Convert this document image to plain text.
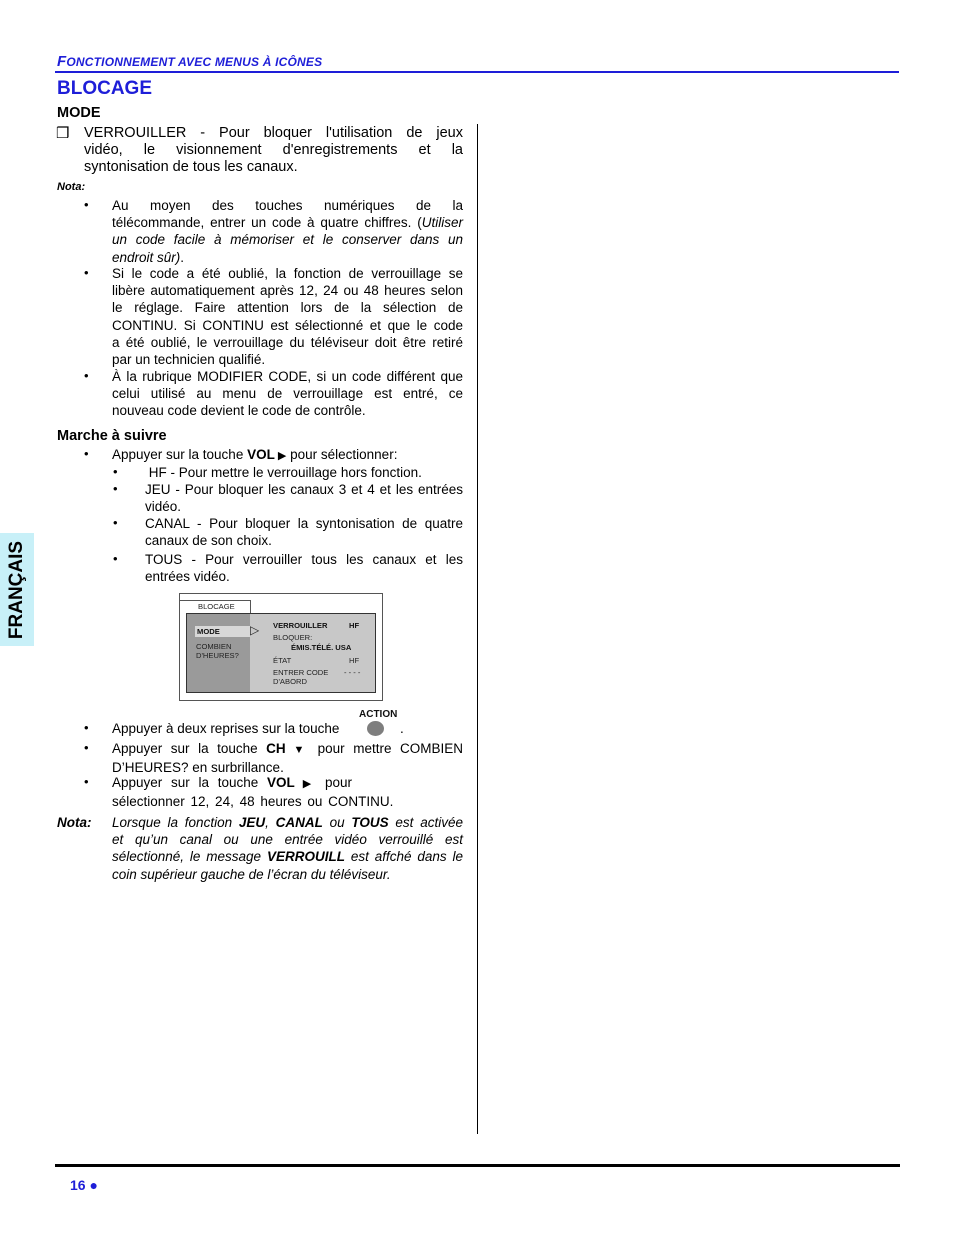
FONCTIONNEMENT AVEC MENUS À ICÔNES
BLOCAGE
FRANÇAIS
MODE
❒ VERROUILLER - Pour bloquer l'utilisation de jeux
vidéo, le visionnement d'enregistrements et la
syntonisation de tous les canaux.
Nota:
• Au moyen des touches numériques de la
télécommande, entrer un code à quatre chiffres. (Utiliser
un code facile à mémoriser et le conserver dans un
endroit sûr).
• Si le code a été oublié, la fonction de verrouillage se
libère automatiquement après 12, 24 ou 48 heures selon
le réglage. Faire attention lors de la sélection de
CONTINU. Si CONTINU est sélectionné et que le code
a été oublié, le verrouillage du téléviseur doit être retiré
par un technicien qualifié.
• À la rubrique MODIFIER CODE, si un code différent que
celui utilisé au menu de verrouillage est entré, ce
nouveau code devient le code de contrôle.
Marche à suivre
• Appuyer sur la touche VOL ▶ pour sélectionner:
• HF - Pour mettre le verrouillage hors fonction.
• JEU - Pour bloquer les canaux 3 et 4 et les entrées
vidéo.
• CANAL - Pour bloquer la syntonisation de quatre
canaux de son choix.
• TOUS - Pour verrouiller tous les canaux et les
entrées vidéo.
BLOCAGE
MODE	▷
COMBIEN
D'HEURES?
VERROUILLER	HF
BLOQUER:
ÉMIS.TÉLÉ. USA
ÉTAT	HF
ENTRER CODE
D'ABORD
- - - -
ACTION
• Appuyer à deux reprises sur la touche	.
• Appuyer sur la touche CH ▼ pour mettre COMBIEN
D’HEURES? en surbrillance.
• Appuyer sur la touche VOL ▶ pour
sélectionner 12, 24, 48 heures ou CONTINU.
Nota: Lorsque la fonction JEU, CANAL ou TOUS est activée
et qu’un canal ou une entrée vidéo verrouillé est
sélectionné, le message VERROUILL est affché dans le
coin supérieur gauche de l’écran du téléviseur.
16 ●
